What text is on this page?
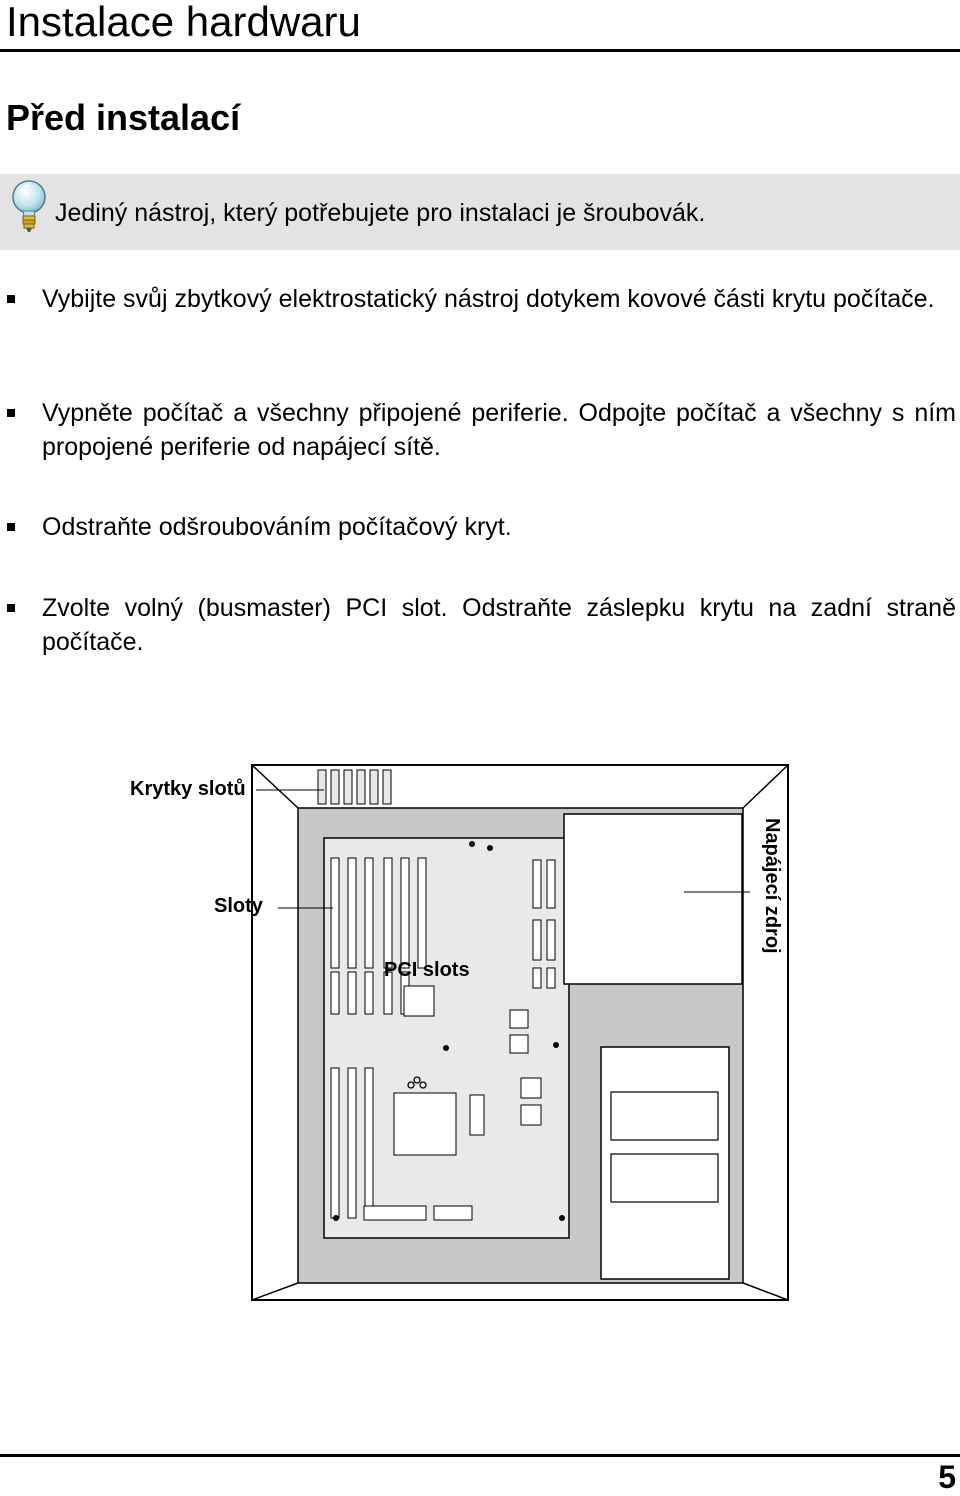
Instalace hardwaru
Před instalací
Jediný nástroj, který potřebujete pro instalaci je šroubovák.
Vybijte svůj zbytkový elektrostatický nástroj dotykem kovové části krytu počítače.
Vypněte počítač a všechny připojené periferie. Odpojte počítač a všechny s ním propojené periferie od napájecí sítě.
Odstraňte odšroubováním počítačový kryt.
Zvolte volný (busmaster) PCI slot. Odstraňte záslepku krytu na zadní straně počítače.
Krytky slotů
Sloty
PCI slots
Napájecí zdroj
5
